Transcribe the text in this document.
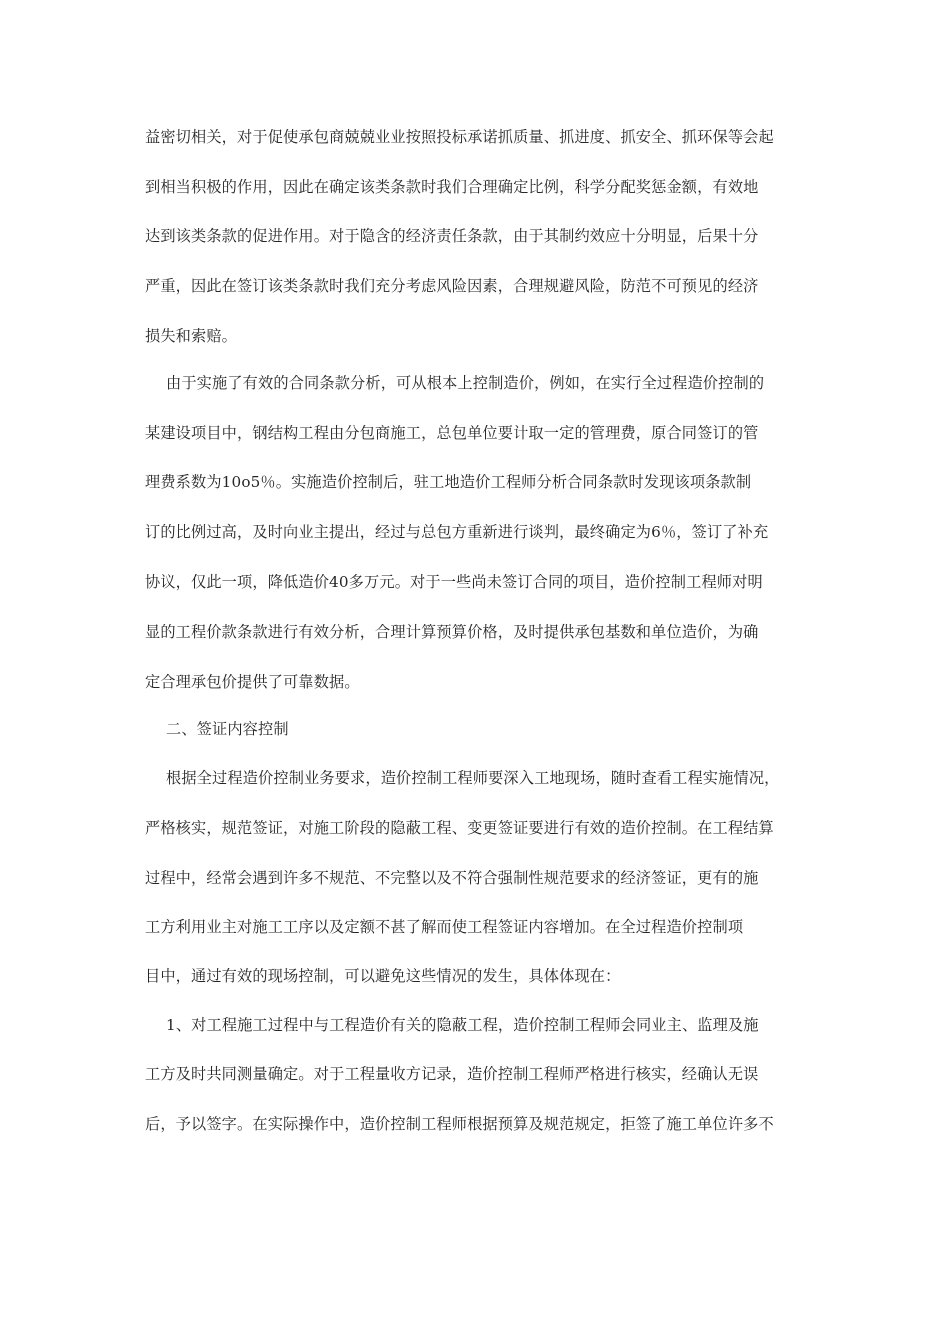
益密切相关，对于促使承包商兢兢业业按照投标承诺抓质量、抓进度、抓安全、抓环保等会起
到相当积极的作用，因此在确定该类条款时我们合理确定比例，科学分配奖惩金额，有效地
达到该类条款的促进作用。对于隐含的经济责任条款，由于其制约效应十分明显，后果十分
严重，因此在签订该类条款时我们充分考虑风险因素，合理规避风险，防范不可预见的经济
损失和索赔。
由于实施了有效的合同条款分析，可从根本上控制造价，例如，在实行全过程造价控制的
某建设项目中，钢结构工程由分包商施工，总包单位要计取一定的管理费，原合同签订的管
理费系数为10o5％。实施造价控制后，驻工地造价工程师分析合同条款时发现该项条款制
订的比例过高，及时向业主提出，经过与总包方重新进行谈判，最终确定为6％，签订了补充
协议，仅此一项，降低造价40多万元。对于一些尚未签订合同的项目，造价控制工程师对明
显的工程价款条款进行有效分析，合理计算预算价格，及时提供承包基数和单位造价，为确
定合理承包价提供了可靠数据。
二、签证内容控制
根据全过程造价控制业务要求，造价控制工程师要深入工地现场，随时查看工程实施情况，
严格核实，规范签证，对施工阶段的隐蔽工程、变更签证要进行有效的造价控制。在工程结算
过程中，经常会遇到许多不规范、不完整以及不符合强制性规范要求的经济签证，更有的施
工方利用业主对施工工序以及定额不甚了解而使工程签证内容增加。在全过程造价控制项
目中，通过有效的现场控制，可以避免这些情况的发生，具体体现在：
1、对工程施工过程中与工程造价有关的隐蔽工程，造价控制工程师会同业主、监理及施
工方及时共同测量确定。对于工程量收方记录，造价控制工程师严格进行核实，经确认无误
后，予以签字。在实际操作中，造价控制工程师根据预算及规范规定，拒签了施工单位许多不
